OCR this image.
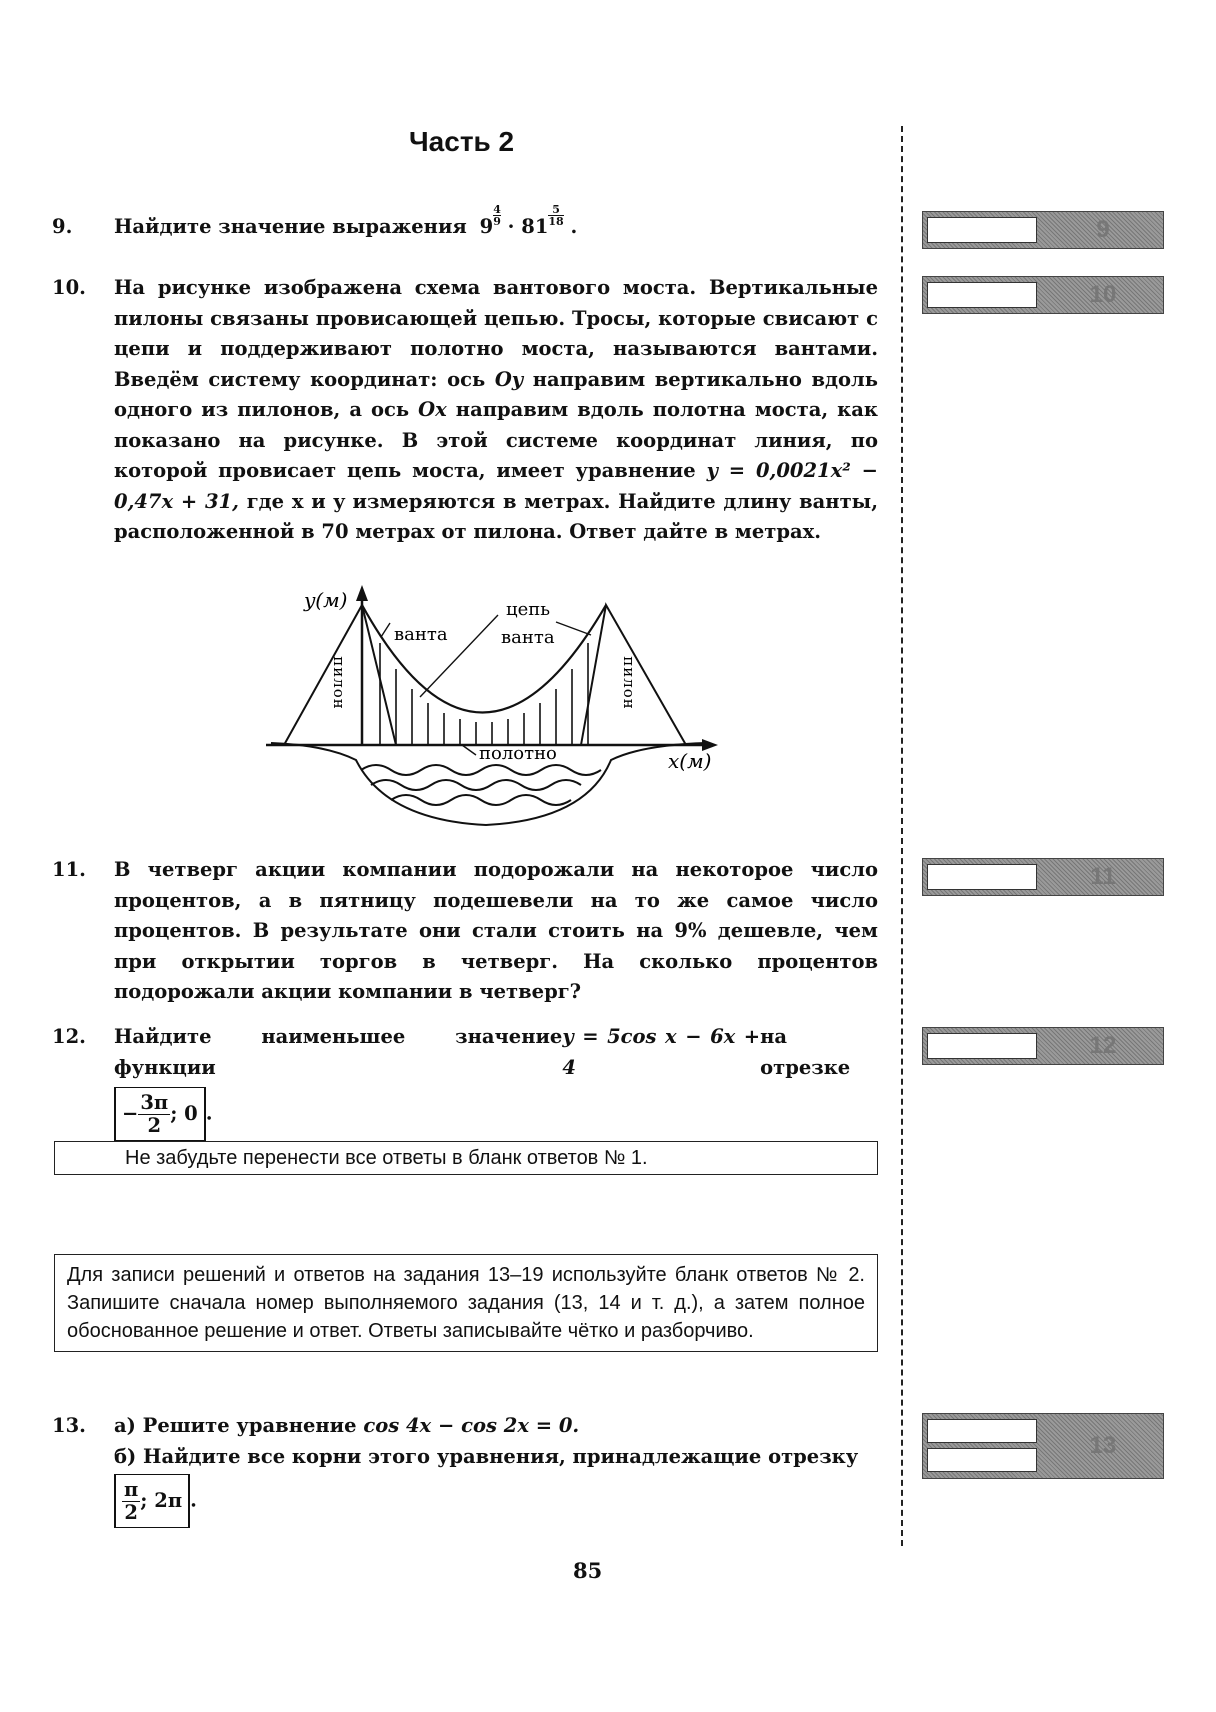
Часть 2
9.	Найдите значение выражения $9 \frac{4}{9} \cdot 81 \frac{5}{18}$ .
10.	На рисунке изображена схема вантового моста. Вертикальные пилоны связаны провисающей цепью. Тросы, которые свисают с цепи и поддерживают полотно моста, называются вантами. Введём систему координат: ось Oy направим вертикально вдоль одного из пилонов, а ось Ox направим вдоль полотна моста, как показано на рисунке. В этой системе координат линия, по которой провисает цепь моста, имеет уравнение y = 0,0021x² − 0,47x + 31, где x и y измеряются в метрах. Найдите длину ванты, расположенной в 70 метрах от пилона. Ответ дайте в метрах.
y(м)
x(м)
ванта
цепь
ванта
полотно
пилон	пилон
11.	В четверг акции компании подорожали на некоторое число процентов, а в пятницу подешевели на то же самое число процентов. В результате они стали стоить на 9% дешевле, чем при открытии торгов в четверг. На сколько процентов подорожали акции компании в четверг?
12.	Найдите наименьшее значение функции
y = 5cos x − 6x + 4
на отрезке
− $\frac{3\pi}{2}$ ; 0 .
Не забудьте перенести все ответы в бланк ответов № 1.
Для записи решений и ответов на задания 13–19 используйте бланк ответов № 2. Запишите сначала номер выполняемого задания (13, 14 и т. д.), а затем полное обоснованное решение и ответ. Ответы записывайте чётко и разборчиво.
13.	а) Решите уравнение cos 4x − cos 2x = 0.
б) Найдите все корни этого уравнения, принадлежащие отрезку
$\frac{\pi}{2}$ ; 2π .
9
10
11
12
13
85
